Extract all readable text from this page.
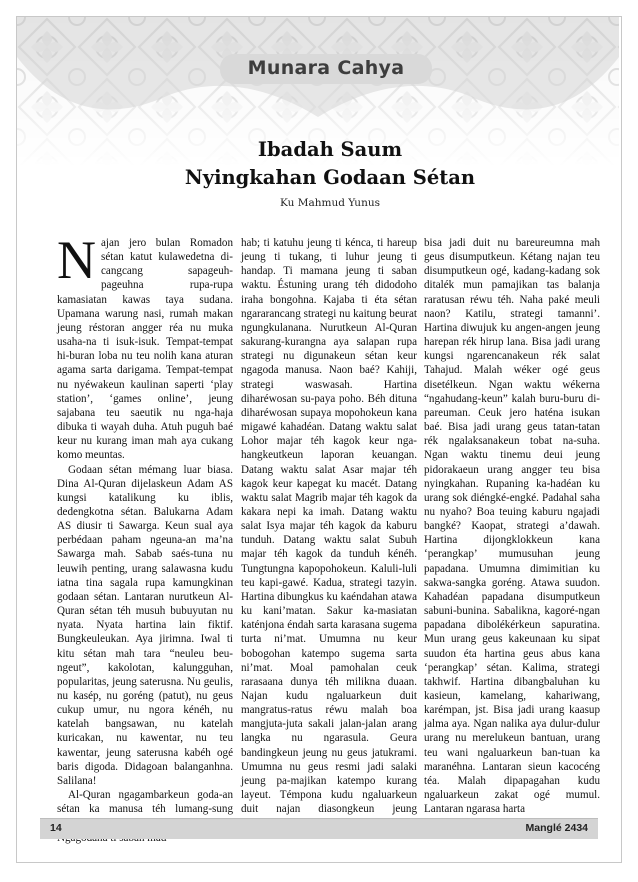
Munara Cahya
Ibadah Saum
Nyingkahan Godaan Sétan
Ku Mahmud Yunus

Najan jero bulan Romadon sétan katut kulawedetna di-cangcang sapageuh-pageuhna rupa-rupa kamasiatan kawas taya sudana. Upamana warung nasi, rumah makan jeung réstoran angger réa nu muka usaha-na ti isuk-isuk. Tempat-tempat hi-buran loba nu teu nolih kana aturan agama sarta darigama. Tempat-tempat nu nyéwakeun kaulinan saperti ‘play station’, ‘games online’, jeung sajabana teu saeutik nu nga-haja dibuka ti wayah duha. Atuh puguh baé keur nu kurang iman mah aya cukang komo meuntas.

Godaan sétan mémang luar biasa. Dina Al-Quran dijelaskeun Adam AS kungsi katalikung ku iblis, dedengkotna sétan. Balukarna Adam AS diusir ti Sawarga. Keun sual aya perbédaan paham ngeuna-an ma’na Sawarga mah. Sabab saés-tuna nu leuwih penting, urang salawasna kudu iatna tina sagala rupa kamungkinan godaan sétan. Lantaran nurutkeun Al-Quran sétan téh musuh bubuyutan nu nyata. Nyata hartina lain fiktif. Bungkeuleukan. Aya jirimna. Iwal ti kitu sétan mah tara “neuleu beu-ngeut”, kakolotan, kalungguhan, popularitas, jeung saterusna. Nu geulis, nu kasép, nu goréng (patut), nu geus cukup umur, nu ngora kénéh, nu katelah bangsawan, nu katelah kuricakan, nu kawentar, nu teu kawentar, jeung saterusna kabéh ogé baris digoda. Didagoan balanganhna. Salilana!

Al-Quran ngagambarkeun goda-an sétan ka manusa téh lumang-sung

hab; ti katuhu jeung ti kénca, ti hareup jeung ti tukang, ti luhur jeung ti handap. Ti mamana jeung ti saban waktu. Éstuning urang téh didodoho iraha bongohna. Kajaba ti éta sétan ngararancang strategi nu kaitung beurat ngungkulanana. Nurutkeun Al-Quran sakurang-kurangna aya salapan rupa strategi nu digunakeun sétan keur ngagoda manusa. Naon baé? Kahiji, strategi waswasah. Hartina diharéwosan su-paya poho. Béh dituna diharéwosan supaya mopohokeun kana migawé kahadéan. Datang waktu salat Lohor majar téh kagok keur nga-hangkeutkeun laporan keuangan. Datang waktu salat Asar majar téh kagok keur kapegat ku macét. Datang waktu salat Magrib majar téh kagok da kakara nepi ka imah. Datang waktu salat Isya majar téh kagok da kaburu tunduh. Datang waktu salat Subuh majar téh kagok da tunduh kénéh. Tungtungna kapopohokeun. Kaluli-luli teu kapi-gawé. Kadua, strategi tazyin. Hartina dibungkus ku kaéndahan atawa ku kani’matan. Sakur ka-masiatan katénjona éndah sarta karasana sugema turta ni’mat. Umumna nu keur bobogohan katempo sugema sarta ni’mat. Moal pamohalan ceuk rarasaana dunya téh milikna duaan. Najan kudu ngaluarkeun duit mangratus-ratus réwu malah boa mangjuta-juta sakali jalan-jalan arang langka nu ngarasula. Geura bandingkeun jeung nu geus jatukrami. Umumna nu geus resmi jadi salaki jeung pa-majikan katempo kurang layeut. Témpona kudu ngaluarkeun duit najan diasongkeun jeung

bisa jadi duit nu bareureumna mah geus disumputkeun. Kétang najan teu disumputkeun ogé, kadang-kadang sok ditalék mun pamajikan tas balanja raratusan réwu téh. Naha paké meuli naon? Katilu, strategi tamanni’. Hartina diwujuk ku angen-angen jeung harepan rék hirup lana. Bisa jadi urang kungsi ngarencanakeun rék salat Tahajud. Malah wéker ogé geus disetélkeun. Ngan waktu wékerna “ngahudang-keun” kalah buru-buru di-pareuman. Ceuk jero haténa isukan baé. Bisa jadi urang geus tatan-tatan rék ngalaksanakeun tobat na-suha. Ngan waktu tinemu deui jeung pidorakaeun urang angger teu bisa nyingkahan. Rupaning ka-hadéan ku urang sok diéngké-engké. Padahal saha nu nyaho? Boa teuing kaburu ngajadi bangké? Kaopat, strategi a’dawah. Hartina dijongklokkeun kana ‘perangkap’ mumusuhan jeung papadana. Umumna dimimitian ku sakwa-sangka goréng. Atawa suudon. Kahadéan papadana disumputkeun sabuni-bunina. Sabalikna, kagoré-ngan papadana dibolékérkeun sapuratina. Mun urang geus kakeunaan ku sipat suudon éta hartina geus abus kana ‘perangkap’ sétan. Kalima, strategi takhwif. Hartina dibangbaluhan ku kasieun, kamelang, kahariwang, karémpan, jst. Bisa jadi urang kaasup jalma aya. Ngan nalika aya dulur-dulur urang nu merelukeun bantuan, urang teu wani ngaluarkeun ban-tuan ka maranéhna. Lantaran sieun kacocéng téa. Malah dipapagahan kudu ngaluarkeun zakat ogé mumul. Lantaran ngarasa harta

14	Manglé 2434
